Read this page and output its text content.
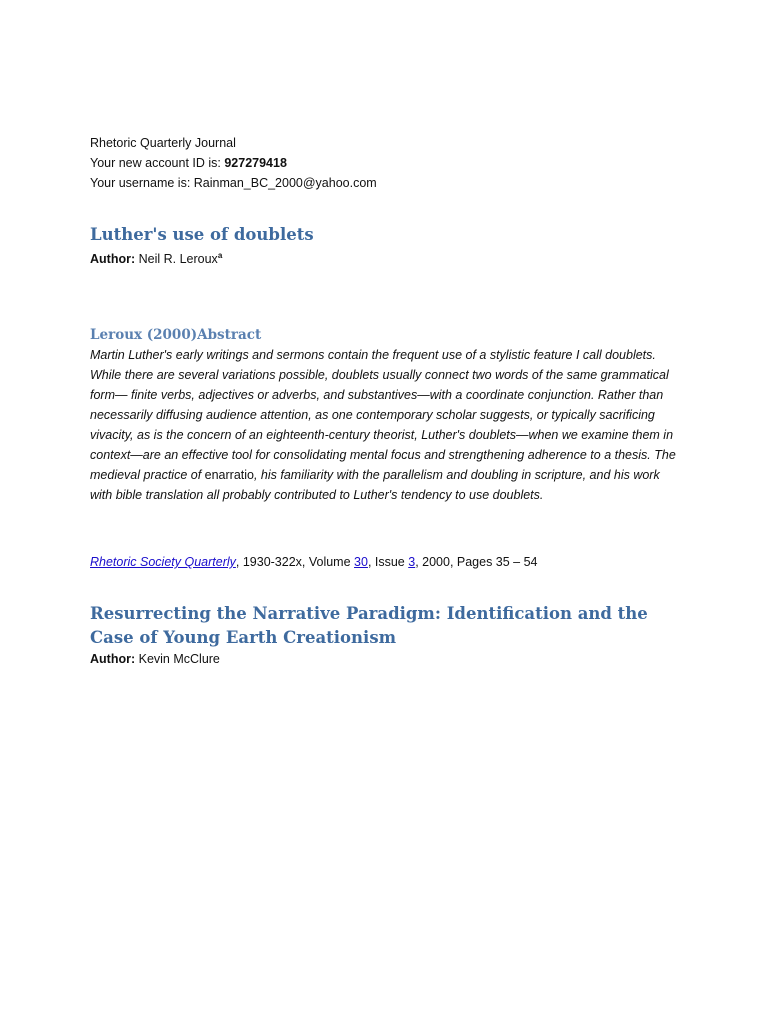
Rhetoric Quarterly Journal
Your new account ID is: 927279418
Your username is: Rainman_BC_2000@yahoo.com
Luther's use of doublets
Author: Neil R. Leroux$^a$
Leroux (2000)Abstract
Martin Luther's early writings and sermons contain the frequent use of a stylistic feature I call doublets. While there are several variations possible, doublets usually connect two words of the same grammatical form— finite verbs, adjectives or adverbs, and substantives—with a coordinate conjunction. Rather than necessarily diffusing audience attention, as one contemporary scholar suggests, or typically sacrificing vivacity, as is the concern of an eighteenth-century theorist, Luther's doublets—when we examine them in context—are an effective tool for consolidating mental focus and strengthening adherence to a thesis. The medieval practice of enarratio, his familiarity with the parallelism and doubling in scripture, and his work with bible translation all probably contributed to Luther's tendency to use doublets.
Rhetoric Society Quarterly, 1930-322x, Volume 30, Issue 3, 2000, Pages 35 – 54
Resurrecting the Narrative Paradigm: Identification and the Case of Young Earth Creationism
Author: Kevin McClure
